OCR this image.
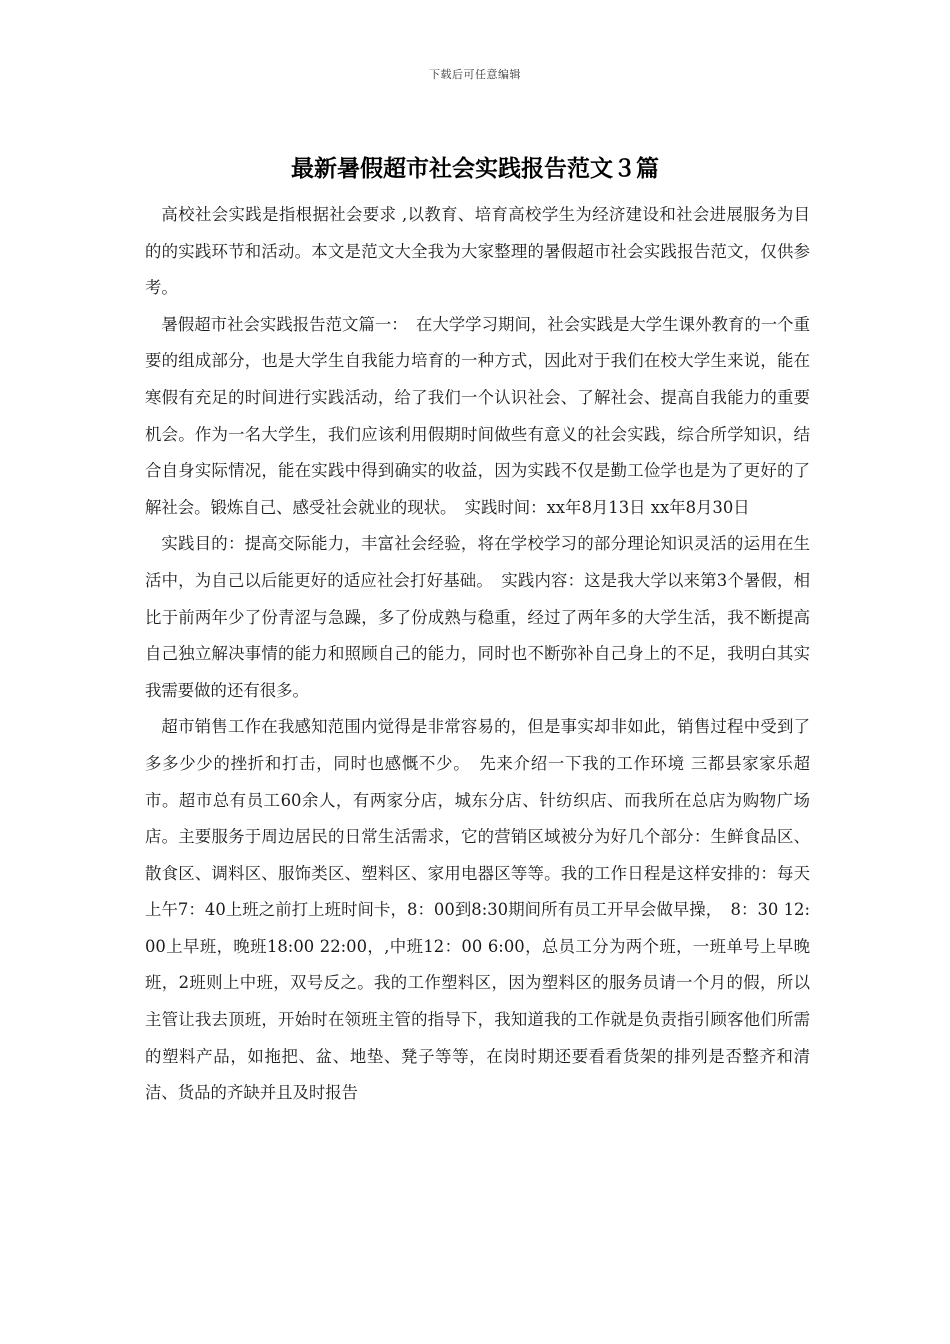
下载后可任意编辑
最新暑假超市社会实践报告范文３篇

高校社会实践是指根据社会要求 ,以教育、培育高校学生为经济建设和社会进展服务为目的的实践环节和活动。本文是范文大全我为大家整理的暑假超市社会实践报告范文，仅供参考。

暑假超市社会实践报告范文篇一：　在大学学习期间，社会实践是大学生课外教育的一个重要的组成部分，也是大学生自我能力培育的一种方式，因此对于我们在校大学生来说，能在寒假有充足的时间进行实践活动，给了我们一个认识社会、了解社会、提高自我能力的重要机会。作为一名大学生，我们应该利用假期时间做些有意义的社会实践，综合所学知识，结合自身实际情况，能在实践中得到确实的收益，因为实践不仅是勤工俭学也是为了更好的了解社会。锻炼自己、感受社会就业的现状。　实践时间：xx年8月13日 xx年8月30日

实践目的：提高交际能力，丰富社会经验，将在学校学习的部分理论知识灵活的运用在生活中，为自己以后能更好的适应社会打好基础。　实践内容：这是我大学以来第3个暑假，相比于前两年少了份青涩与急躁，多了份成熟与稳重，经过了两年多的大学生活，我不断提高自己独立解决事情的能力和照顾自己的能力，同时也不断弥补自己身上的不足，我明白其实我需要做的还有很多。

超市销售工作在我感知范围内觉得是非常容易的，但是事实却非如此，销售过程中受到了多多少少的挫折和打击，同时也感慨不少。　先来介绍一下我的工作环境 三都县家家乐超市。超市总有员工60余人，有两家分店，城东分店、针纺织店、而我所在总店为购物广场店。主要服务于周边居民的日常生活需求，它的营销区域被分为好几个部分：生鲜食品区、散食区、调料区、服饰类区、塑料区、家用电器区等等。我的工作日程是这样安排的：每天上午7：40上班之前打上班时间卡，8：00到8:30期间所有员工开早会做早操，　8：30 12:00上早班，晚班18:00 22:00，,中班12：00 6:00，总员工分为两个班，一班单号上早晚班，2班则上中班，双号反之。我的工作塑料区，因为塑料区的服务员请一个月的假，所以主管让我去顶班，开始时在领班主管的指导下，我知道我的工作就是负责指引顾客他们所需的塑料产品，如拖把、盆、地垫、凳子等等，在岗时期还要看看货架的排列是否整齐和清洁、货品的齐缺并且及时报告
